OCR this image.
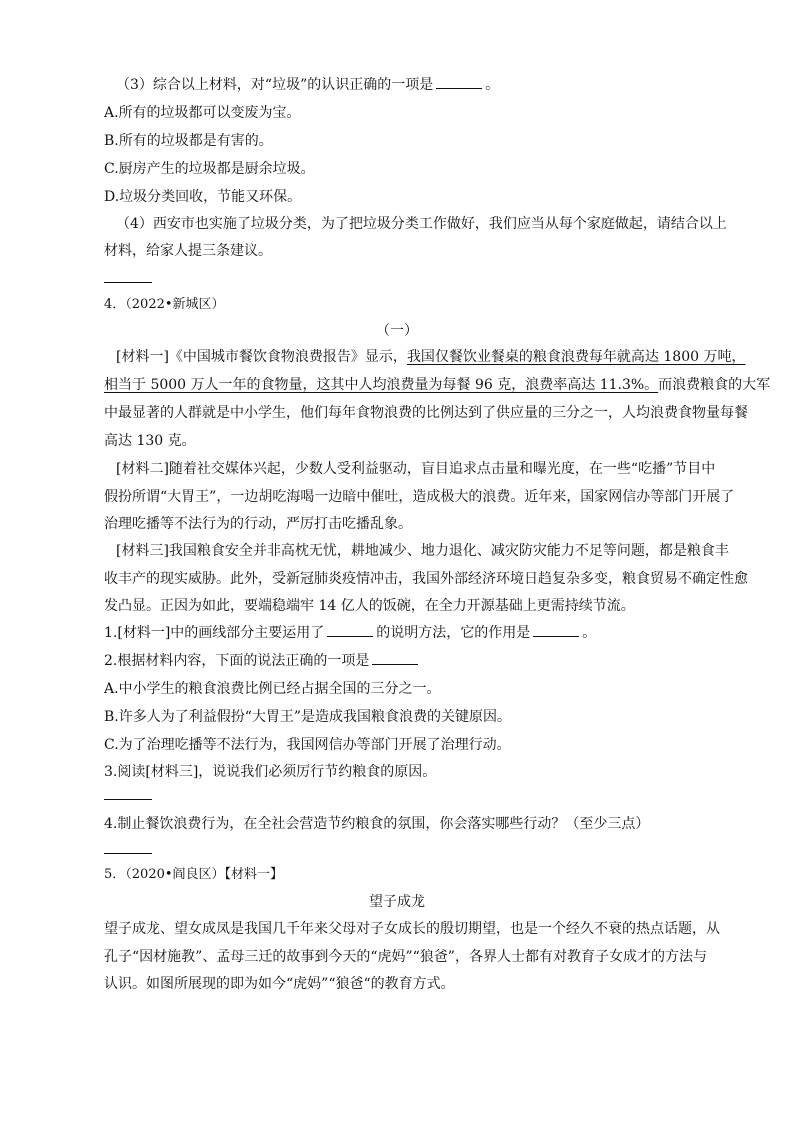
（3）综合以上材料，对“垃圾”的认识正确的一项是	。
A.所有的垃圾都可以变废为宝。
B.所有的垃圾都是有害的。
C.厨房产生的垃圾都是厨余垃圾。
D.垃圾分类回收，节能又环保。
（4）西安市也实施了垃圾分类，为了把垃圾分类工作做好，我们应当从每个家庭做起，请结合以上
材料，给家人提三条建议。
4．（2022•新城区）
（一）
[材料一]《中国城市餐饮食物浪费报告》显示，我国仅餐饮业餐桌的粮食浪费每年就高达 1800 万吨，
相当于 5000 万人一年的食物量，这其中人均浪费量为每餐 96 克，浪费率高达 11.3%。而浪费粮食的大军
中最显著的人群就是中小学生，他们每年食物浪费的比例达到了供应量的三分之一，人均浪费食物量每餐
高达 130 克。
[材料二]随着社交媒体兴起，少数人受利益驱动，盲目追求点击量和曝光度，在一些“吃播”节目中
假扮所谓“大胃王”，一边胡吃海喝一边暗中催吐，造成极大的浪费。近年来，国家网信办等部门开展了
治理吃播等不法行为的行动，严厉打击吃播乱象。
[材料三]我国粮食安全并非高枕无忧，耕地减少、地力退化、减灾防灾能力不足等问题，都是粮食丰
收丰产的现实威胁。此外，受新冠肺炎疫情冲击，我国外部经济环境日趋复杂多变，粮食贸易不确定性愈
发凸显。正因为如此，要端稳端牢 14 亿人的饭碗，在全力开源基础上更需持续节流。
1.[材料一]中的画线部分主要运用了	的说明方法，它的作用是	。
2.根据材料内容，下面的说法正确的一项是
A.中小学生的粮食浪费比例已经占据全国的三分之一。
B.许多人为了利益假扮“大胃王”是造成我国粮食浪费的关键原因。
C.为了治理吃播等不法行为，我国网信办等部门开展了治理行动。
3.阅读[材料三]，说说我们必须厉行节约粮食的原因。
4.制止餐饮浪费行为，在全社会营造节约粮食的氛围，你会落实哪些行动？（至少三点）
5．（2020•阎良区）【材料一】
望子成龙
望子成龙、望女成凤是我国几千年来父母对子女成长的殷切期望，也是一个经久不衰的热点话题，从
孔子“因材施教”、孟母三迁的故事到今天的“虎妈”“狼爸”，各界人士都有对教育子女成才的方法与
认识。如图所展现的即为如今“虎妈”“狼爸“的教育方式。
